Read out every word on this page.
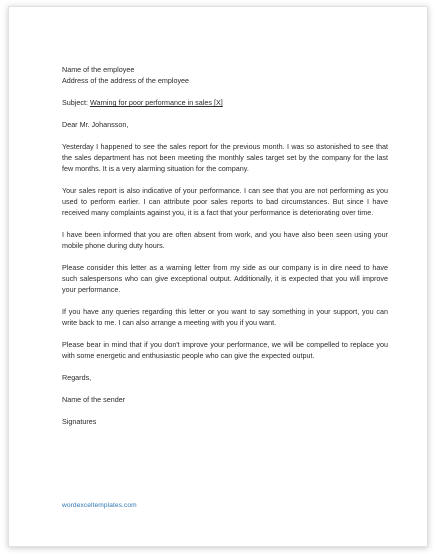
Name of the employee
Address of the address of the employee
Subject: Warning for poor performance in sales [X]
Dear Mr. Johansson,
Yesterday I happened to see the sales report for the previous month. I was so astonished to see that the sales department has not been meeting the monthly sales target set by the company for the last few months. It is a very alarming situation for the company.
Your sales report is also indicative of your performance. I can see that you are not performing as you used to perform earlier. I can attribute poor sales reports to bad circumstances. But since I have received many complaints against you, it is a fact that your performance is deteriorating over time.
I have been informed that you are often absent from work, and you have also been seen using your mobile phone during duty hours.
Please consider this letter as a warning letter from my side as our company is in dire need to have such salespersons who can give exceptional output. Additionally, it is expected that you will improve your performance.
If you have any queries regarding this letter or you want to say something in your support, you can write back to me. I can also arrange a meeting with you if you want.
Please bear in mind that if you don't improve your performance, we will be compelled to replace you with some energetic and enthusiastic people who can give the expected output.
Regards,
Name of the sender
Signatures
wordexceltemplates.com
